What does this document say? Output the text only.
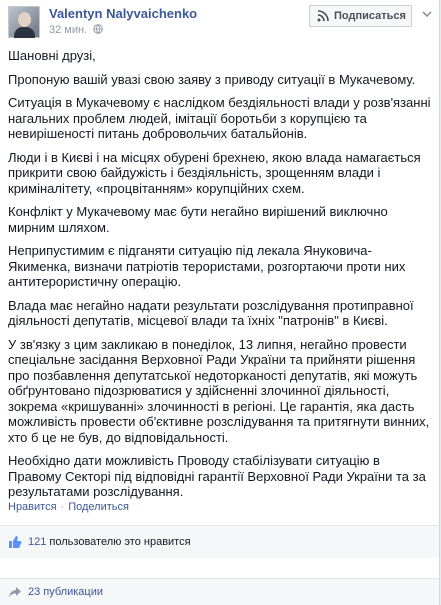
Valentyn Nalyvaichenko
32 мин.
Подписаться

Шановні друзі,

Пропоную вашій увазі свою заяву з приводу ситуації в Мукачевому.

Ситуація в Мукачевому є наслідком бездіяльності влади у розв'язанні нагальних проблем людей, імітації боротьби з корупцією та невирішеності питань добровольчих батальйонів.

Люди і в Києві і на місцях обурені брехнею, якою влада намагається прикрити свою байдужість і бездіяльність, зрощенням влади і криміналітету, «процвітанням» корупційних схем.

Конфлікт у Мукачевому має бути негайно вирішений виключно мирним шляхом.

Неприпустимим є підганяти ситуацію під лекала Януковича-Якименка, визначи патріотів терористами, розгортаючи проти них антитерористичну операцію.

Влада має негайно надати результати розслідування протиправної діяльності депутатів, місцевої влади та їхніх "патронів" в Києві.

У зв'язку з цим закликаю в понеділок, 13 липня, негайно провести спеціальне засідання Верховної Ради України та прийняти рішення про позбавлення депутатської недоторканості депутатів, які можуть обґрунтовано підозрюватися у здійсненні злочинної діяльності, зокрема «кришуванні» злочинності в регіоні. Це гарантія, яка дасть можливість провести об'єктивне розслідування та притягнути винних, хто б це не був, до відповідальності.

Необхідно дати можливість Проводу стабілізувати ситуацію в Правому Секторі під відповідні гарантії Верховної Ради України та за результатами розслідування.

Нравится · Поделиться
121 пользователю это нравится
23 публикации
